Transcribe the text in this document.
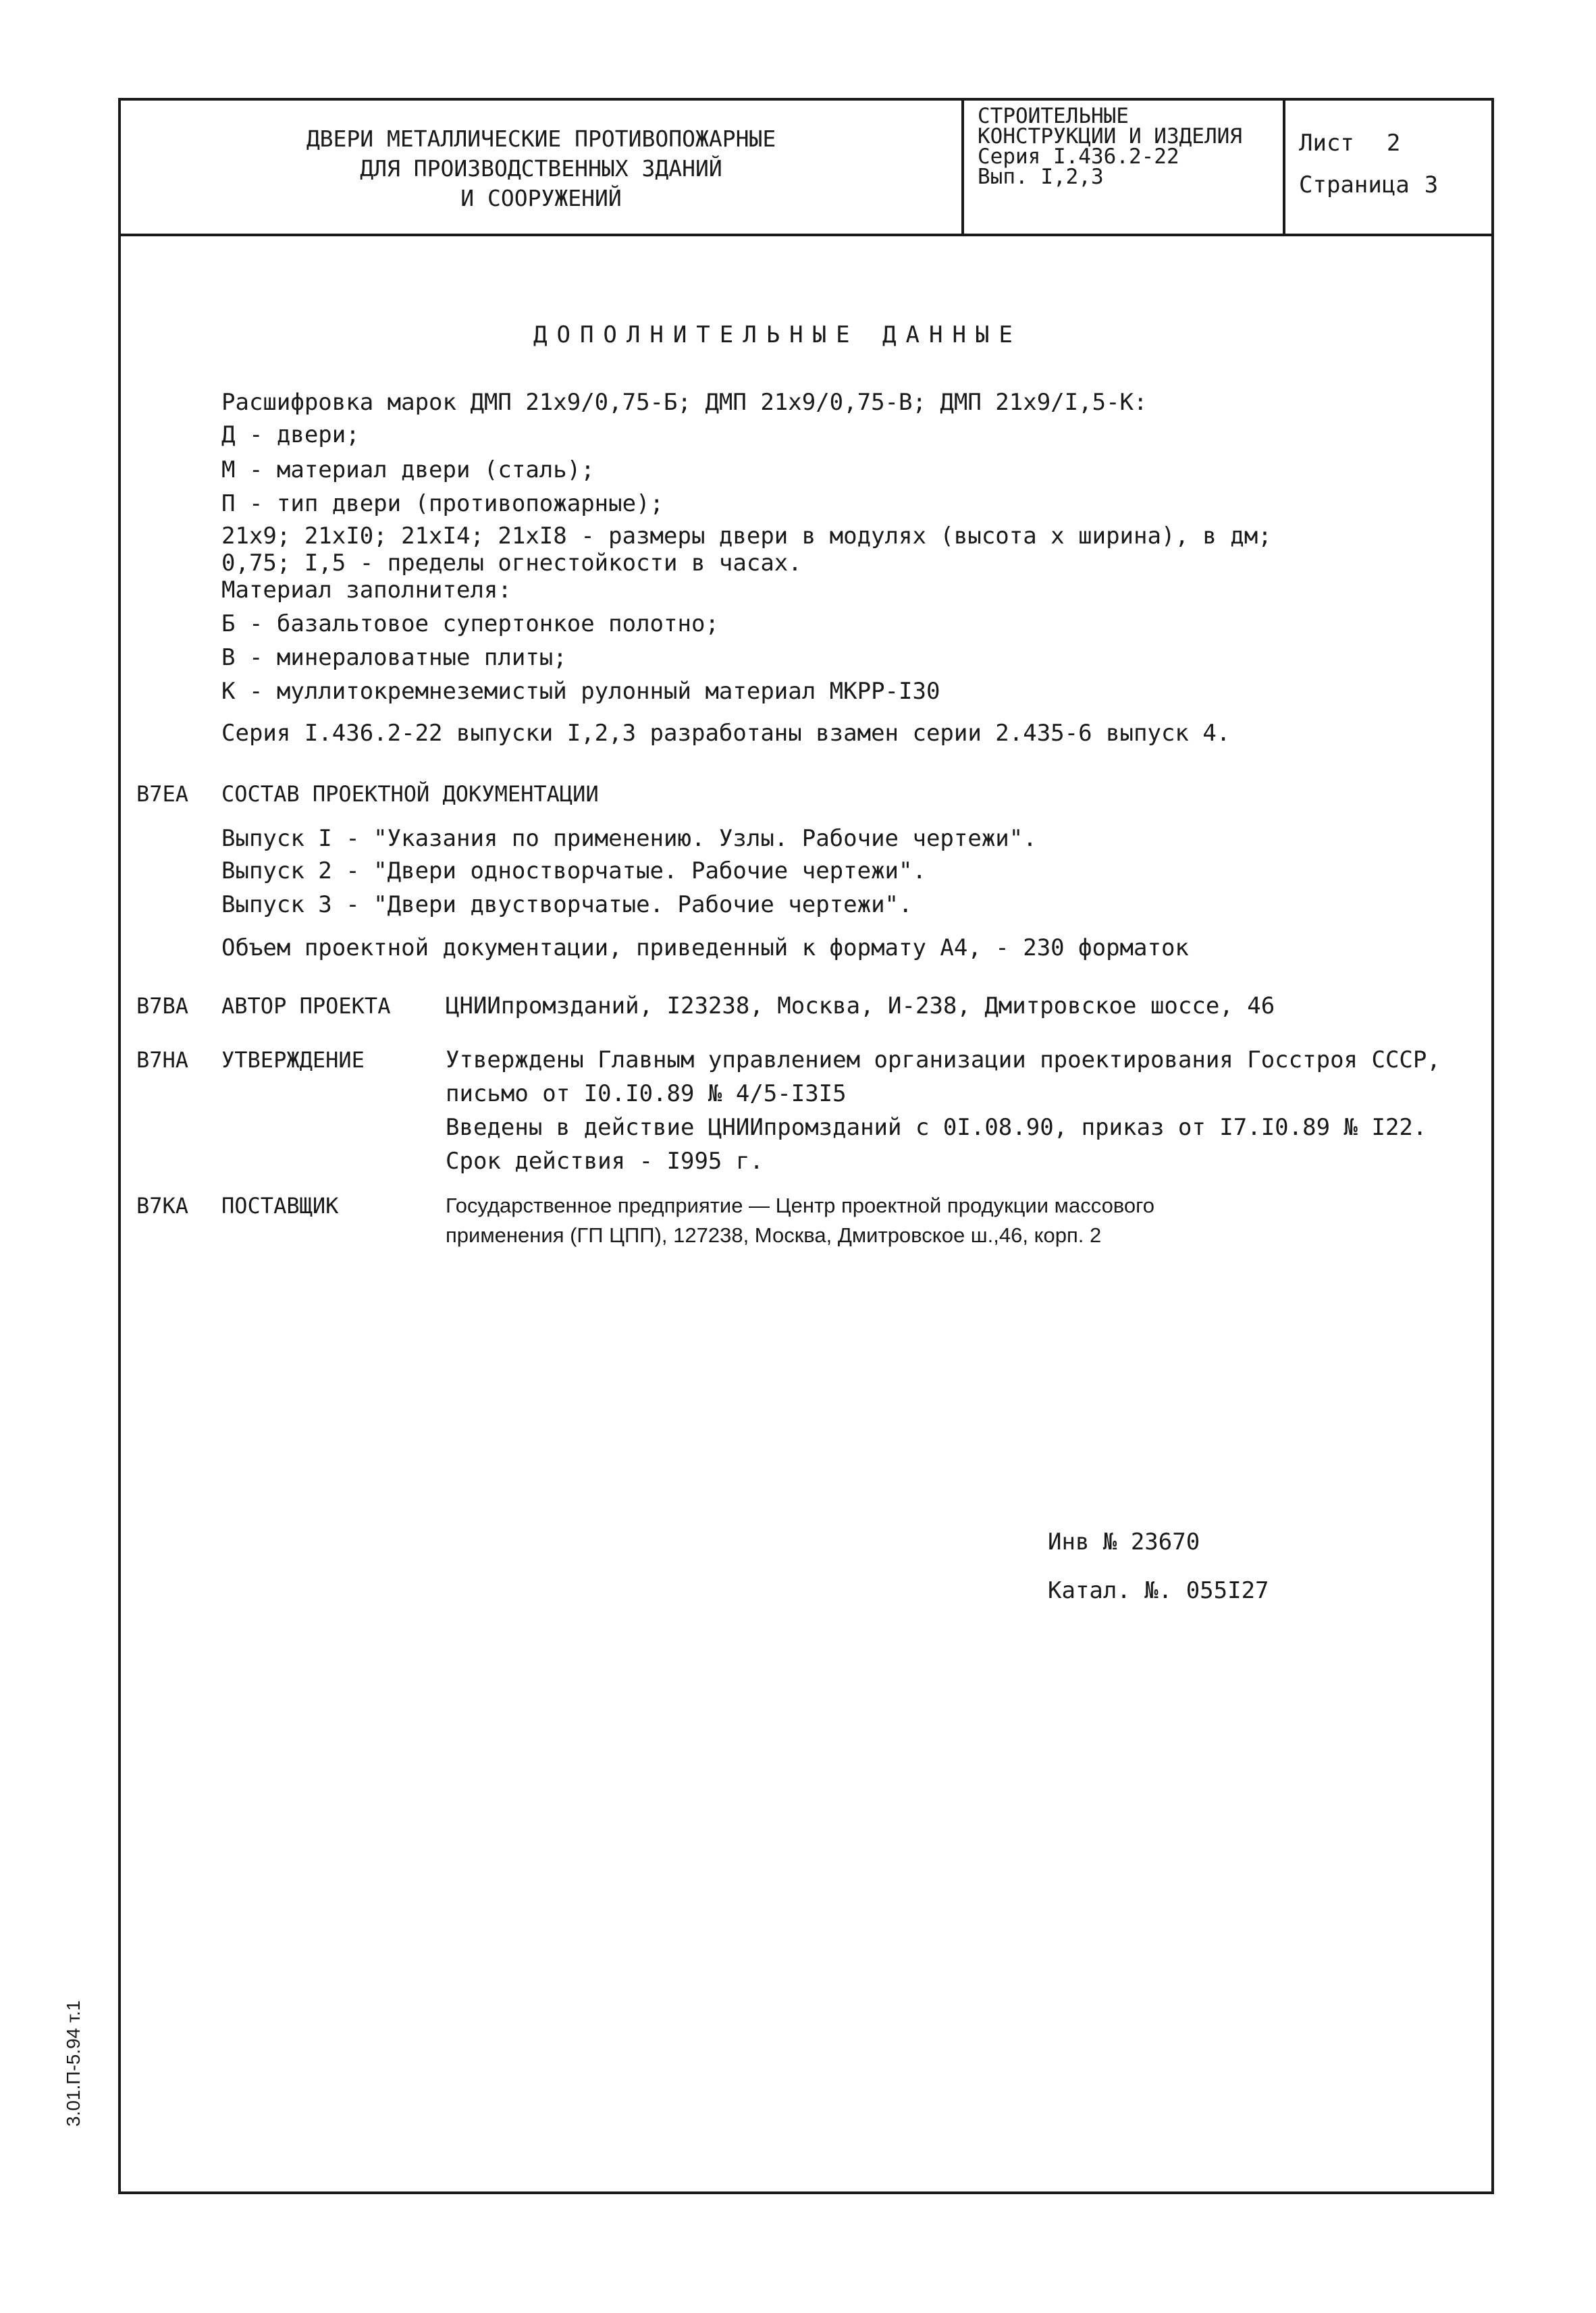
ДВЕРИ МЕТАЛЛИЧЕСКИЕ ПРОТИВОПОЖАРНЫЕ
ДЛЯ ПРОИЗВОДСТВЕННЫХ ЗДАНИЙ
И СООРУЖЕНИЙ
СТРОИТЕЛЬНЫЕ
КОНСТРУКЦИИ И ИЗДЕЛИЯ
Серия I.436.2-22
Вып. I,2,3
Лист 2
Страница 3
ДОПОЛНИТЕЛЬНЫЕ ДАННЫЕ
Расшифровка марок ДМП 21х9/0,75-Б; ДМП 21х9/0,75-В; ДМП 21х9/I,5-К:
Д - двери;
М - материал двери (сталь);
П - тип двери (противопожарные);
21х9; 21хI0; 21хI4; 21хI8 - размеры двери в модулях (высота х ширина), в дм;
0,75; I,5 - пределы огнестойкости в часах.
Материал заполнителя:
Б - базальтовое супертонкое полотно;
В - минераловатные плиты;
К - муллитокремнеземистый рулонный материал МКРР-I30
Серия I.436.2-22 выпуски I,2,3 разработаны взамен серии 2.435-6 выпуск 4.
В7ЕА СОСТАВ ПРОЕКТНОЙ ДОКУМЕНТАЦИИ
Выпуск I - "Указания по применению. Узлы. Рабочие чертежи".
Выпуск 2 - "Двери одностворчатые. Рабочие чертежи".
Выпуск 3 - "Двери двустворчатые. Рабочие чертежи".
Объем проектной документации, приведенный к формату А4, - 230 форматок
В7ВА АВТОР ПРОЕКТА ЦНИИпромзданий, I23238, Москва, И-238, Дмитровское шоссе, 46
В7НА УТВЕРЖДЕНИЕ	Утверждены Главным управлением организации проектирования Госстроя СССР,
письмо от I0.I0.89 № 4/5-I3I5
Введены в действие ЦНИИпромзданий с 0I.08.90, приказ от I7.I0.89 № I22.
Срок действия - I995 г.
В7КА ПОСТАВЩИК	Государственное предприятие — Центр проектной продукции массового
применения (ГП ЦПП), 127238, Москва, Дмитровское ш.,46, корп. 2
Инв № 23670
Катал. №. 055I27
3.01.П-5.94 т.1
